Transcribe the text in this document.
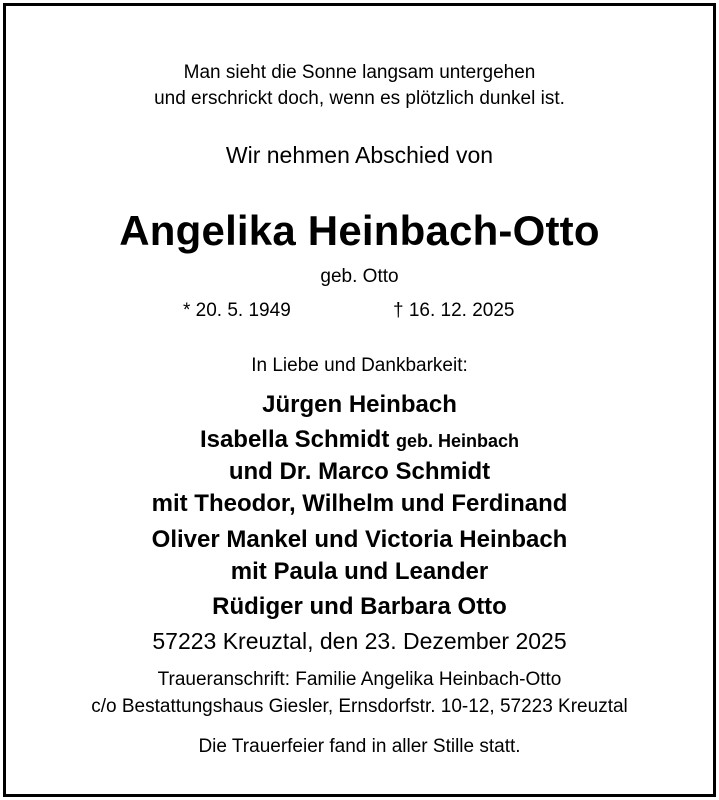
Man sieht die Sonne langsam untergehen
und erschrickt doch, wenn es plötzlich dunkel ist.
Wir nehmen Abschied von
Angelika Heinbach-Otto
geb. Otto
* 20. 5. 1949	† 16. 12. 2025
In Liebe und Dankbarkeit:
Jürgen Heinbach
Isabella Schmidt geb. Heinbach
und Dr. Marco Schmidt
mit Theodor, Wilhelm und Ferdinand
Oliver Mankel und Victoria Heinbach
mit Paula und Leander
Rüdiger und Barbara Otto
57223 Kreuztal, den 23. Dezember 2025
Traueranschrift: Familie Angelika Heinbach-Otto
c/o Bestattungshaus Giesler, Ernsdorfstr. 10-12, 57223 Kreuztal
Die Trauerfeier fand in aller Stille statt.
